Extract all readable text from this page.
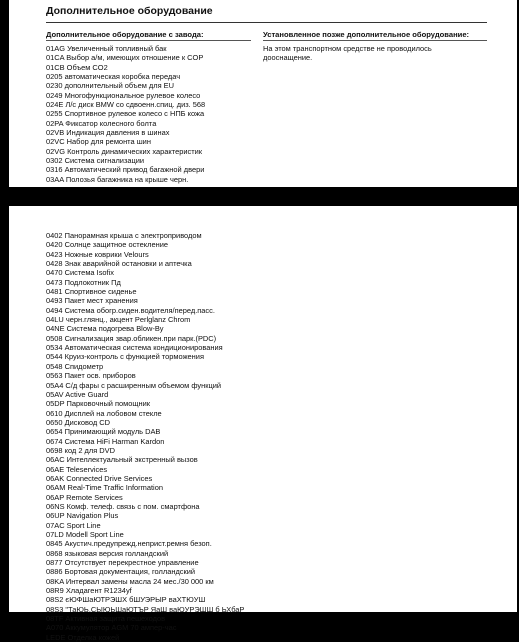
Дополнительное оборудование
Дополнительное оборудование с завода:	Установленное позже дополнительное оборудование:
01AG Увеличенный топливный бак
01CA Выбор а/м, имеющих отношение к COP
01CB Объем CO2
0205 автоматическая коробка передач
0230 дополнительный объем для EU
0249 Многофункциональное рулевое колесо
024E Л/с диск BMW со сдвоенн.спиц. диз. 568
0255 Спортивное рулевое колесо с НПБ кожа
02PA Фиксатор колесного болта
02VB Индикация давления в шинах
02VC Набор для ремонта шин
02VG Контроль динамических характеристик
0302 Система сигнализации
0316 Автоматический привод багажной двери
03AA Полозья багажника на крыше черн.
На этом транспортном средстве не проводилось дооснащение.
0402 Панорамная крыша с электроприводом
0420 Солнце защитное остекление
0423 Ножные коврики Velours
0428 Знак аварийной остановки и аптечка
0470 Система Isofix
0473 Подлокотник Пд
0481 Спортивное сиденье
0493 Пакет мест хранения
0494 Система обогр.сиден.водителя/перед.пасс.
04LU черн.глянц., акцент Perlglanz Chrom
04NE Система подогрева Blow-By
0508 Сигнализация звар.обликен.при парк.(PDC)
0534 Автоматическая система кондиционирования
0544 Круиз-контроль с функцией торможения
0548 Спидометр
0563 Пакет осв. приборов
05A4 С/д фары с расширенным объемом функций
05AV Active Guard
05DP Парковочный помощник
0610 Дисплей на лобовом стекле
0650 Дисковод CD
0654 Принимающий модуль DAB
0674 Система HiFi Harman Kardon
0698 код 2 для DVD
06AC Интеллектуальный экстренный вызов
06AE Teleservices
06AK Connected Drive Services
06AM Real-Time Traffic Information
06AP Remote Services
06NS Комф. телеф. связь с пом. смартфона
06UP Navigation Plus
07AC Sport Line
07LD Modell Sport Line
0845 Акустич.предупрежд.неприст.ремня безоп.
0868 языковая версия голландский
0877 Отсутствует перекрестное управление
0886 Бортовая документация, голландский
08KA Интервал замены масла 24 мес./30 000 км
08R9 Хладагент R1234yf
08S2 єЮФШаЮТРЭШХ бШУЭРЫР ваХТЮУШ
08S3 "ТаЮЬ.СЫЮЬШаЮТЪР ЯаШ ваЮУРЭШШ б ЬХбаР
08TF Активная защита пешеходов
A070 Аккумулятор AGM 70 ампер-час
LEDE Отделка кожей
